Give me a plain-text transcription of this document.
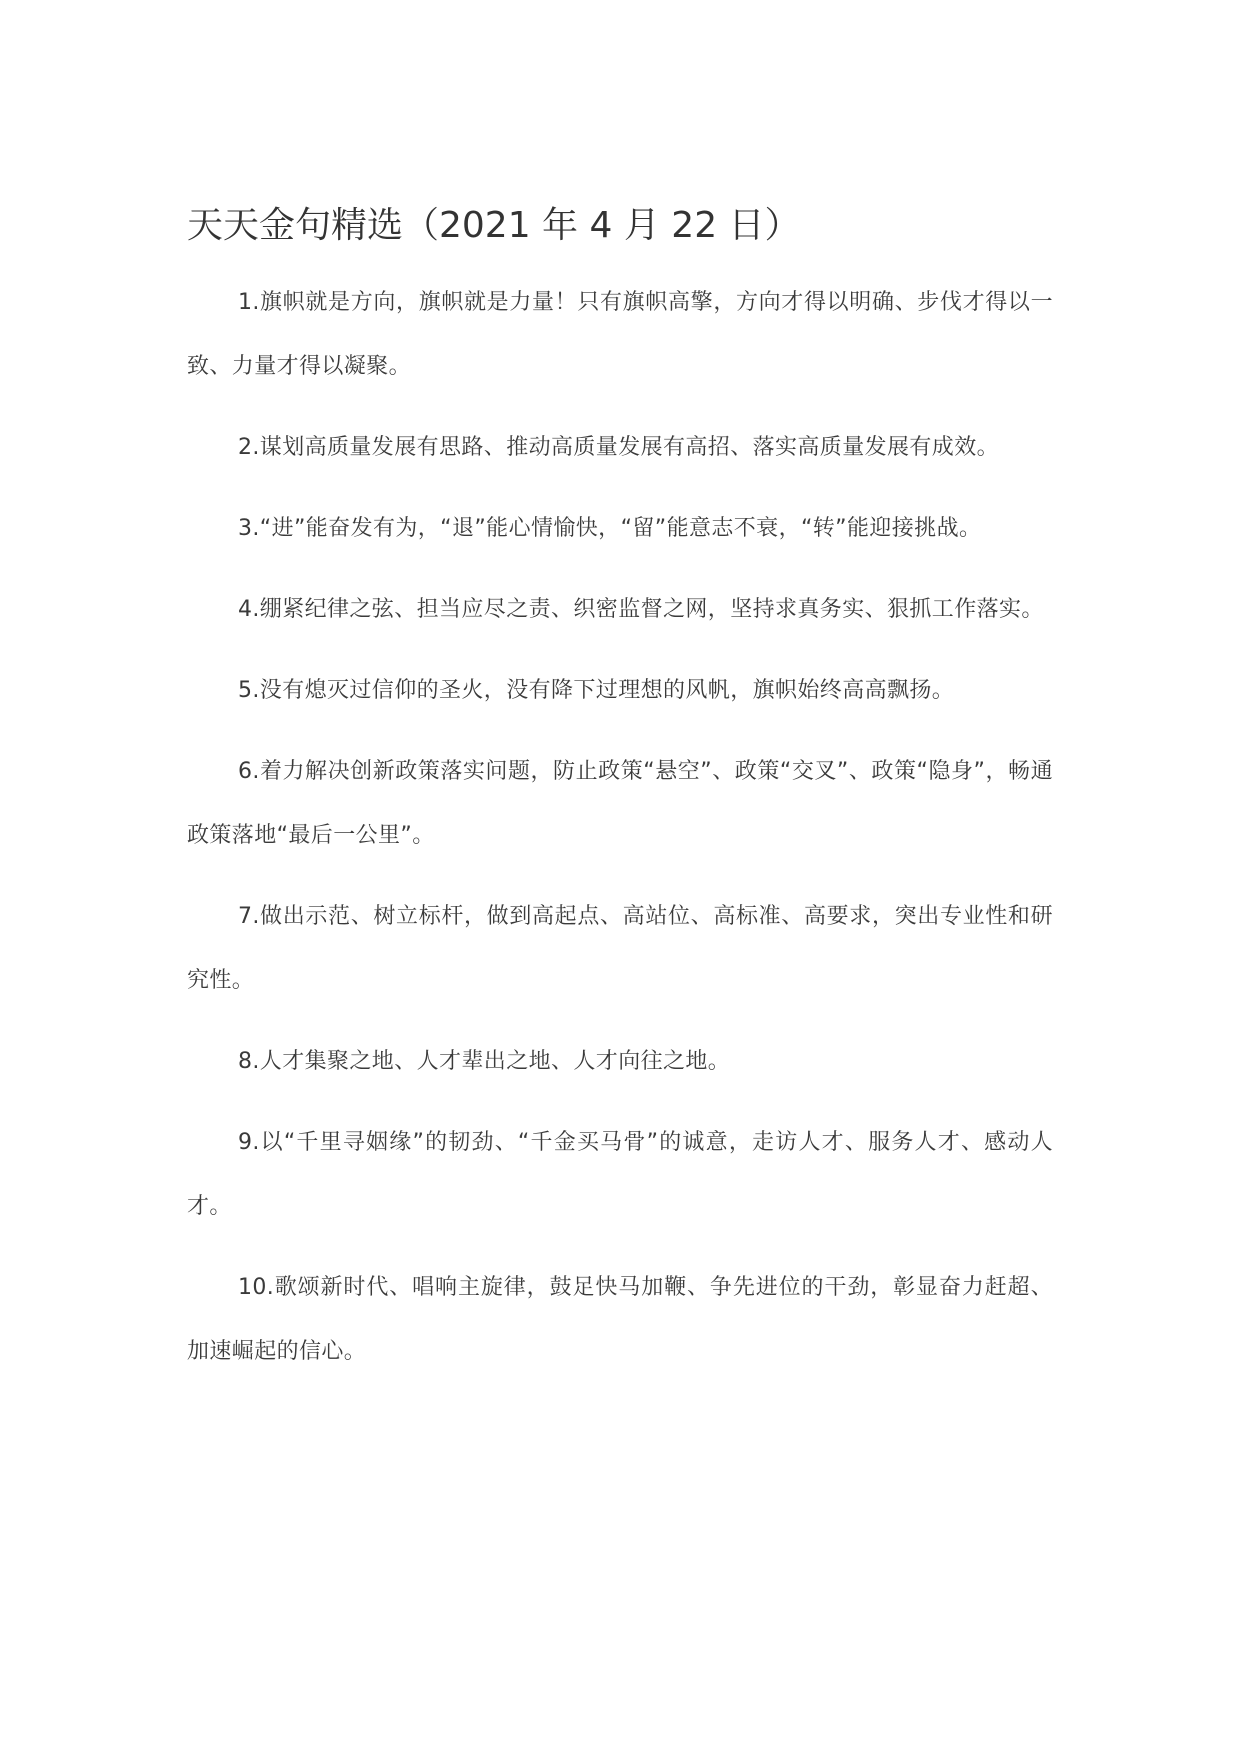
天天金句精选（2021 年 4 月 22 日）

1.旗帜就是方向，旗帜就是力量！只有旗帜高擎，方向才得以明确、步伐才得以一致、力量才得以凝聚。

2.谋划高质量发展有思路、推动高质量发展有高招、落实高质量发展有成效。

3.“进”能奋发有为，“退”能心情愉快，“留”能意志不衰，“转”能迎接挑战。

4.绷紧纪律之弦、担当应尽之责、织密监督之网，坚持求真务实、狠抓工作落实。

5.没有熄灭过信仰的圣火，没有降下过理想的风帆，旗帜始终高高飘扬。

6.着力解决创新政策落实问题，防止政策“悬空”、政策“交叉”、政策“隐身”，畅通政策落地“最后一公里”。

7.做出示范、树立标杆，做到高起点、高站位、高标准、高要求，突出专业性和研究性。

8.人才集聚之地、人才辈出之地、人才向往之地。

9.以“千里寻姻缘”的韧劲、“千金买马骨”的诚意，走访人才、服务人才、感动人才。

10.歌颂新时代、唱响主旋律，鼓足快马加鞭、争先进位的干劲，彰显奋力赶超、加速崛起的信心。
